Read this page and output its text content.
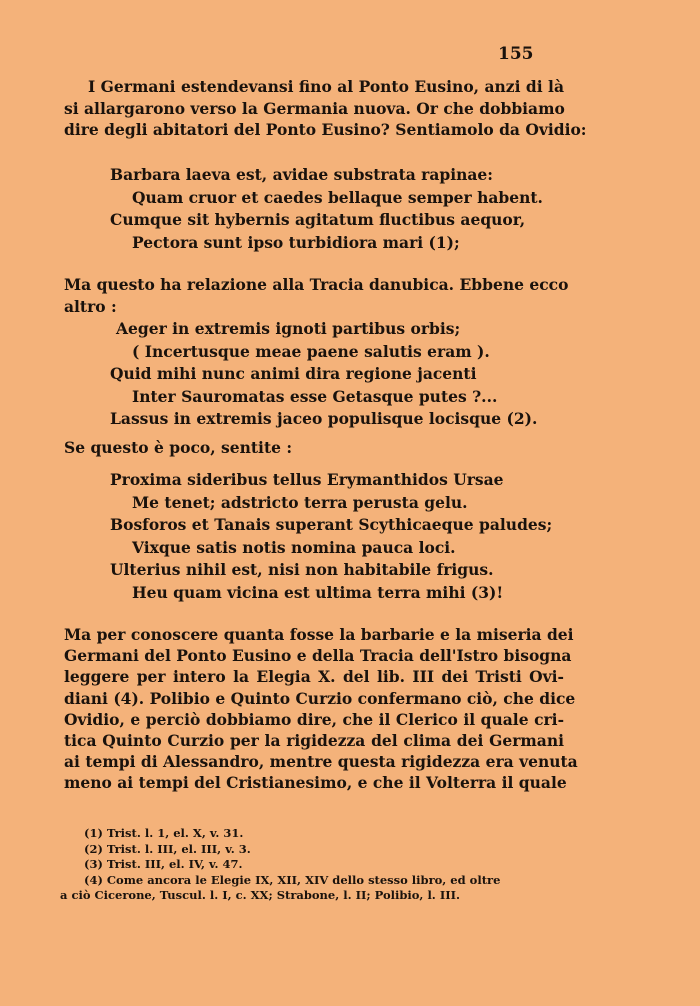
155
I Germani estendevansi fino al Ponto Eusino, anzi di là
si allargarono verso la Germania nuova. Or che dobbiamo
dire degli abitatori del Ponto Eusino? Sentiamolo da Ovidio:
Barbara laeva est, avidae substrata rapinae:
Quam cruor et caedes bellaque semper habent.
Cumque sit hybernis agitatum fluctibus aequor,
Pectora sunt ipso turbidiora mari (1);
Ma questo ha relazione alla Tracia danubica. Ebbene ecco
altro :
Aeger in extremis ignoti partibus orbis;
( Incertusque meae paene salutis eram ).
Quid mihi nunc animi dira regione jacenti
Inter Sauromatas esse Getasque putes ?...
Lassus in extremis jaceo populisque locisque (2).
Se questo è poco, sentite :
Proxima sideribus tellus Erymanthidos Ursae
Me tenet; adstricto terra perusta gelu.
Bosforos et Tanais superant Scythicaeque paludes;
Vixque satis notis nomina pauca loci.
Ulterius nihil est, nisi non habitabile frigus.
Heu quam vicina est ultima terra mihi (3)!
Ma per conoscere quanta fosse la barbarie e la miseria dei
Germani del Ponto Eusino e della Tracia dell'Istro bisogna
leggere per intero la Elegia X. del lib. III dei Tristi Ovi-
diani (4). Polibio e Quinto Curzio confermano ciò, che dice
Ovidio, e perciò dobbiamo dire, che il Clerico il quale cri-
tica Quinto Curzio per la rigidezza del clima dei Germani
ai tempi di Alessandro, mentre questa rigidezza era venuta
meno ai tempi del Cristianesimo, e che il Volterra il quale
(1) Trist. l. 1, el. X, v. 31.
(2) Trist. l. III, el. III, v. 3.
(3) Trist. III, el. IV, v. 47.
(4) Come ancora le Elegie IX, XII, XIV dello stesso libro, ed oltre
a ciò Cicerone, Tuscul. l. I, c. XX; Strabone, l. II; Polibio, l. III.
